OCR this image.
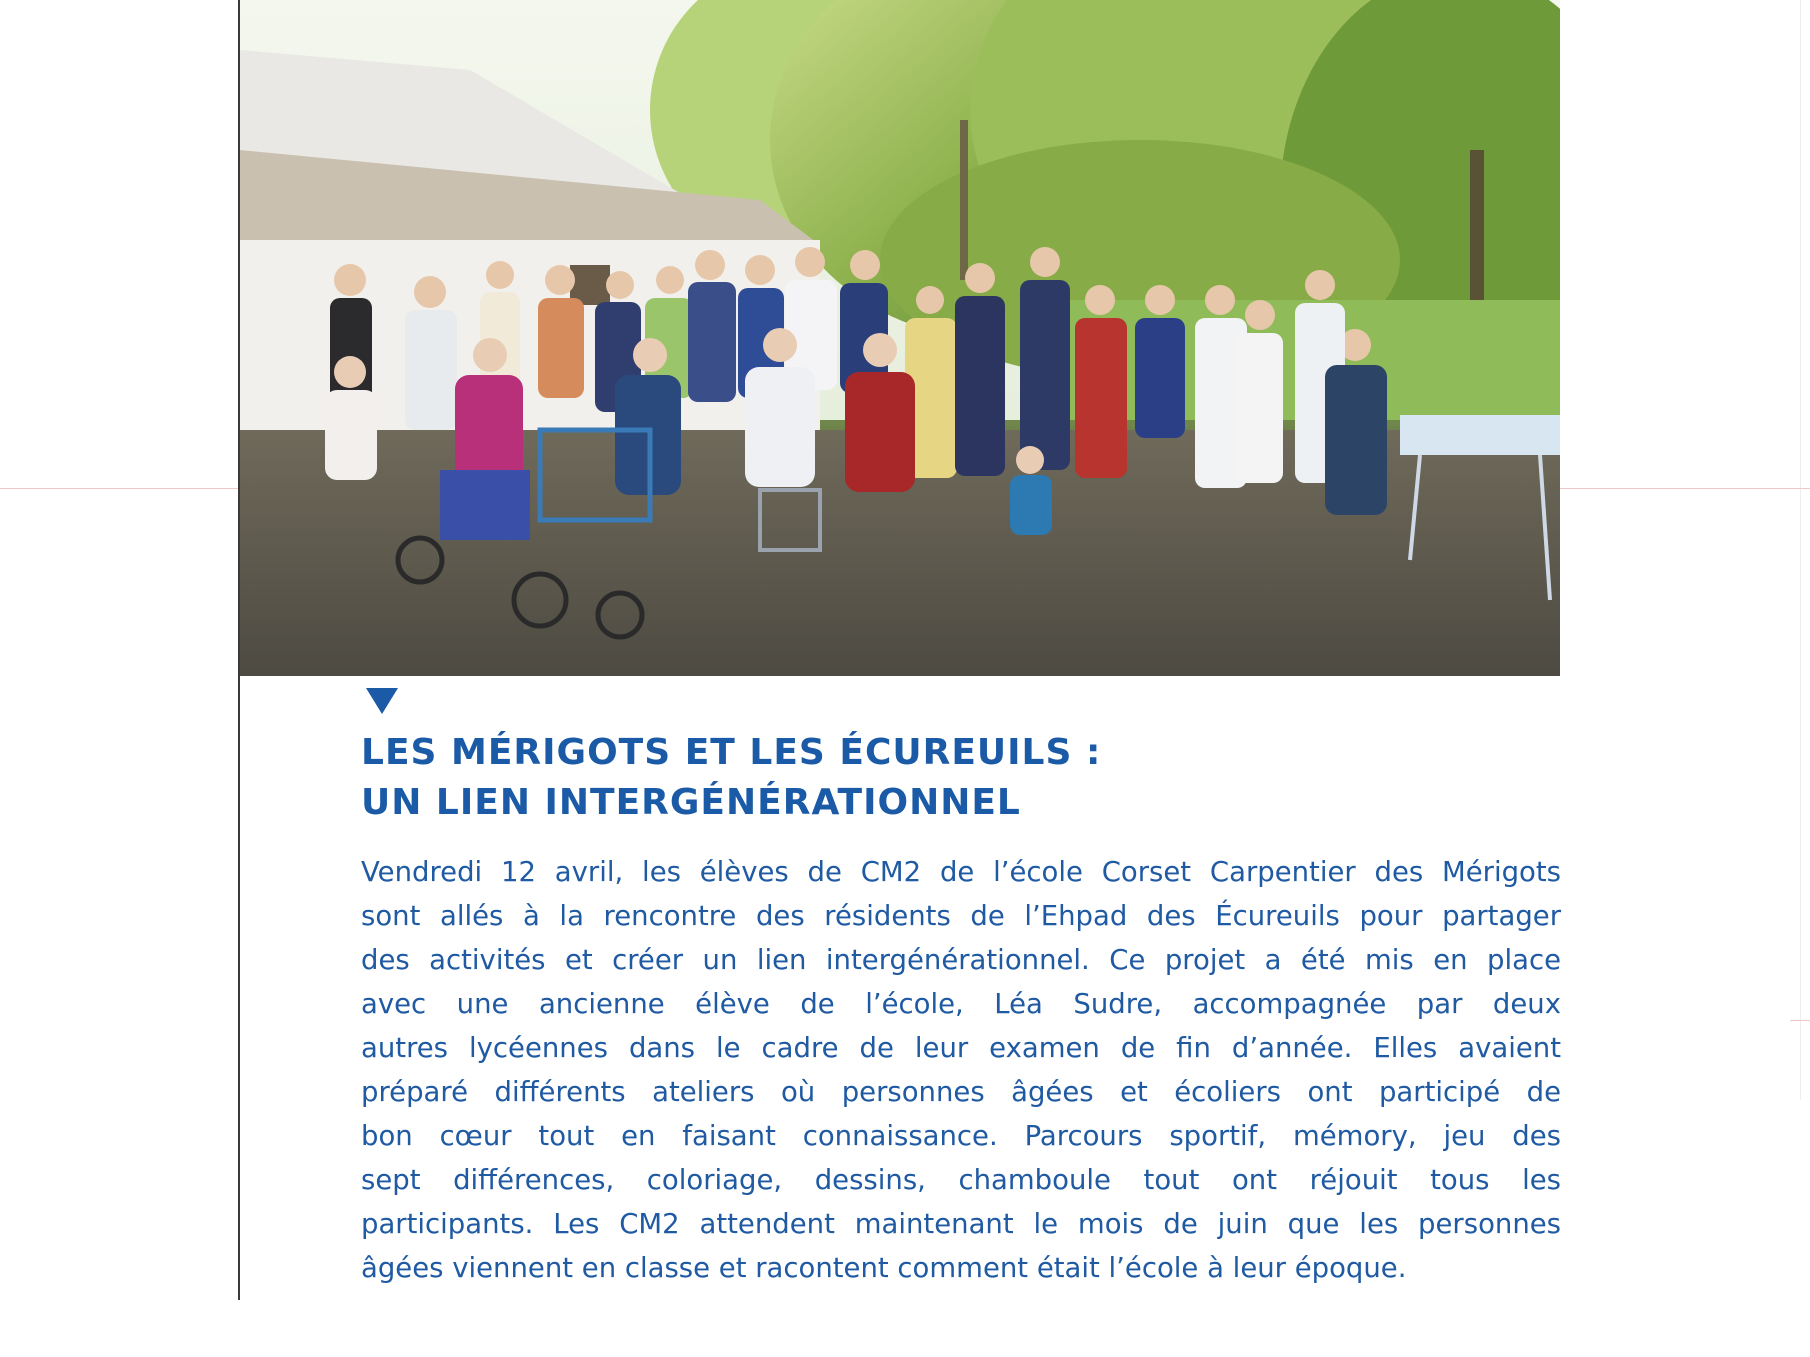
LES MÉRIGOTS ET LES ÉCUREUILS :
UN LIEN INTERGÉNÉRATIONNEL

Vendredi 12 avril, les élèves de CM2 de l’école Corset Carpentier des Mérigots
sont allés à la rencontre des résidents de l’Ehpad des Écureuils pour partager
des activités et créer un lien intergénérationnel. Ce projet a été mis en place
avec une ancienne élève de l’école, Léa Sudre, accompagnée par deux
autres lycéennes dans le cadre de leur examen de fin d’année. Elles avaient
préparé différents ateliers où personnes âgées et écoliers ont participé de
bon cœur tout en faisant connaissance. Parcours sportif, mémory, jeu des
sept différences, coloriage, dessins, chamboule tout ont réjouit tous les
participants. Les CM2 attendent maintenant le mois de juin que les personnes
âgées viennent en classe et racontent comment était l’école à leur époque.
